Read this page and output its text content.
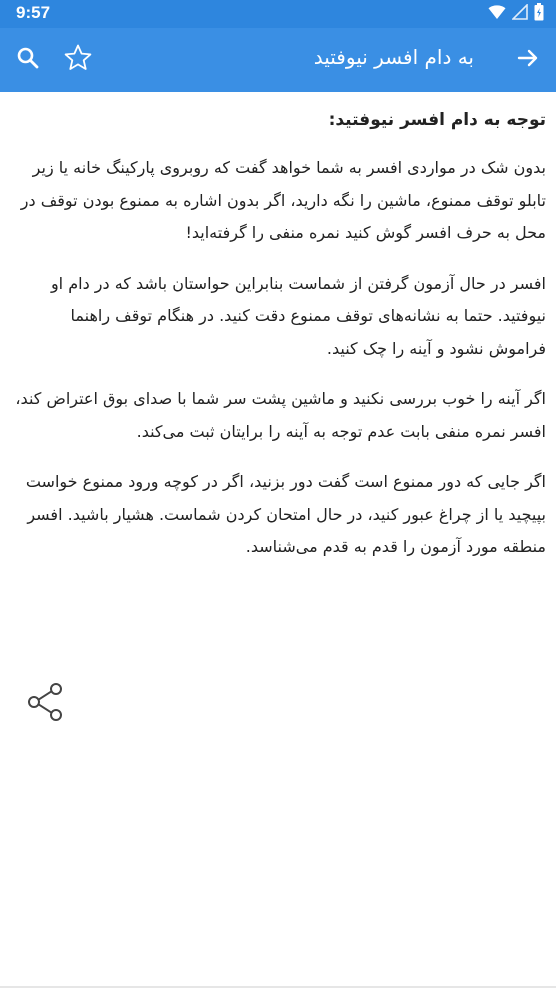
9:57
به دام افسر نیوفتید

توجه به دام افسر نیوفتید:

بدون شک در مواردی افسر به شما خواهد گفت که روبروی پارکینگ خانه یا زیر تابلو توقف ممنوع، ماشین را نگه دارید، اگر بدون اشاره به ممنوع بودن توقف در محل به حرف افسر گوش کنید نمره منفی را گرفته‌اید!

افسر در حال آزمون گرفتن از شماست بنابراین حواستان باشد که در دام او نیوفتید. حتما به نشانه‌های توقف ممنوع دقت کنید. در هنگام توقف راهنما فراموش نشود و آینه را چک کنید.

اگر آینه را خوب بررسی نکنید و ماشین پشت سر شما با صدای بوق اعتراض کند، افسر نمره منفی بابت عدم توجه به آینه را برایتان ثبت می‌کند.

اگر جایی که دور ممنوع است گفت دور بزنید، اگر در کوچه ورود ممنوع خواست بپیچید یا از چراغ عبور کنید، در حال امتحان کردن شماست. هشیار باشید. افسر منطقه مورد آزمون را قدم به قدم می‌شناسد.
